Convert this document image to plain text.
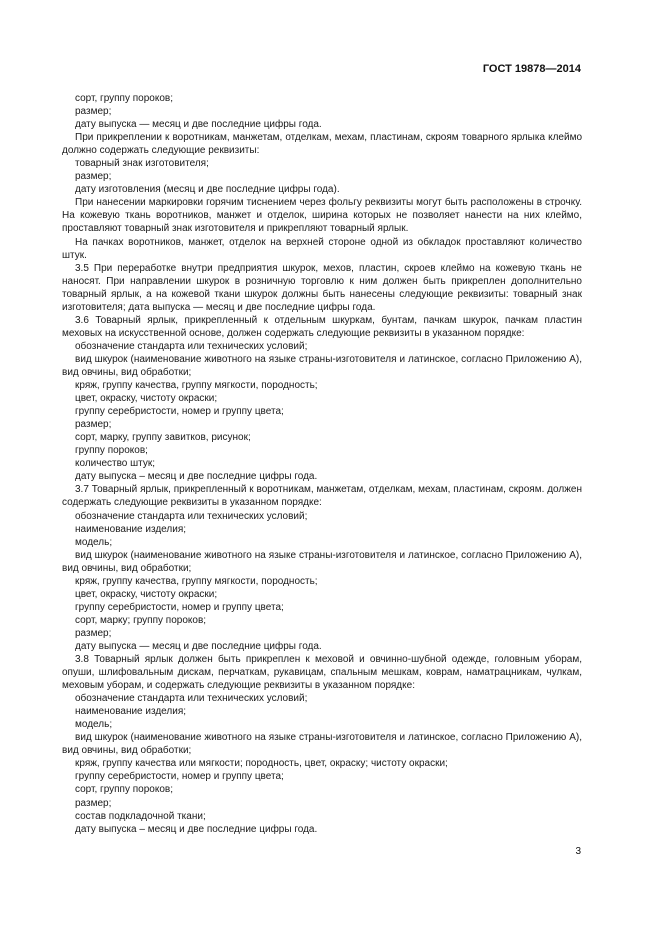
ГОСТ 19878—2014

сорт, группу пороков;

размер;

дату выпуска — месяц и две последние цифры года.

При прикреплении к воротникам, манжетам, отделкам, мехам, пластинам, скроям товарного ярлыка клеймо должно содержать следующие реквизиты:

товарный знак изготовителя;

размер;

дату изготовления (месяц и две последние цифры года).

При нанесении маркировки горячим тиснением через фольгу реквизиты могут быть расположены в строчку. На кожевую ткань воротников, манжет и отделок, ширина которых не позволяет нанести на них клеймо, проставляют товарный знак изготовителя и прикрепляют товарный ярлык.

На пачках воротников, манжет, отделок на верхней стороне одной из обкладок проставляют количество штук.

3.5 При переработке внутри предприятия шкурок, мехов, пластин, скроев клеймо на кожевую ткань не наносят. При направлении шкурок в розничную торговлю к ним должен быть прикреплен дополнительно товарный ярлык, а на кожевой ткани шкурок должны быть нанесены следующие реквизиты: товарный знак изготовителя; дата выпуска — месяц и две последние цифры года.

3.6 Товарный ярлык, прикрепленный к отдельным шкуркам, бунтам, пачкам шкурок, пачкам пластин меховых на искусственной основе, должен содержать следующие реквизиты в указанном порядке:

обозначение стандарта или технических условий;

вид шкурок (наименование животного на языке страны-изготовителя и латинское, согласно Приложению А), вид овчины, вид обработки;

кряж, группу качества, группу мягкости, породность;

цвет, окраску, чистоту окраски;

группу серебристости, номер и группу цвета;

размер;

сорт, марку, группу завитков, рисунок;

группу пороков;

количество штук;

дату выпуска – месяц и две последние цифры года.

3.7 Товарный ярлык, прикрепленный к воротникам, манжетам, отделкам, мехам, пластинам, скроям. должен содержать следующие реквизиты в указанном порядке:

обозначение стандарта или технических условий;

наименование изделия;

модель;

вид шкурок (наименование животного на языке страны-изготовителя и латинское, согласно Приложению А), вид овчины, вид обработки;

кряж, группу качества, группу мягкости, породность;

цвет, окраску, чистоту окраски;

группу серебристости, номер и группу цвета;

сорт, марку; группу пороков;

размер;

дату выпуска — месяц и две последние цифры года.

3.8 Товарный ярлык должен быть прикреплен к меховой и овчинно-шубной одежде, головным уборам, опуши, шлифовальным дискам, перчаткам, рукавицам, спальным мешкам, коврам, наматрацникам, чулкам, меховым уборам, и содержать следующие реквизиты в указанном порядке:

обозначение стандарта или технических условий;

наименование изделия;

модель;

вид шкурок (наименование животного на языке страны-изготовителя и латинское, согласно Приложению А), вид овчины, вид обработки;

кряж, группу качества или мягкости; породность, цвет, окраску; чистоту окраски;

группу серебристости, номер и группу цвета;

сорт, группу пороков;

размер;

состав подкладочной ткани;

дату выпуска – месяц и две последние цифры года.

3
